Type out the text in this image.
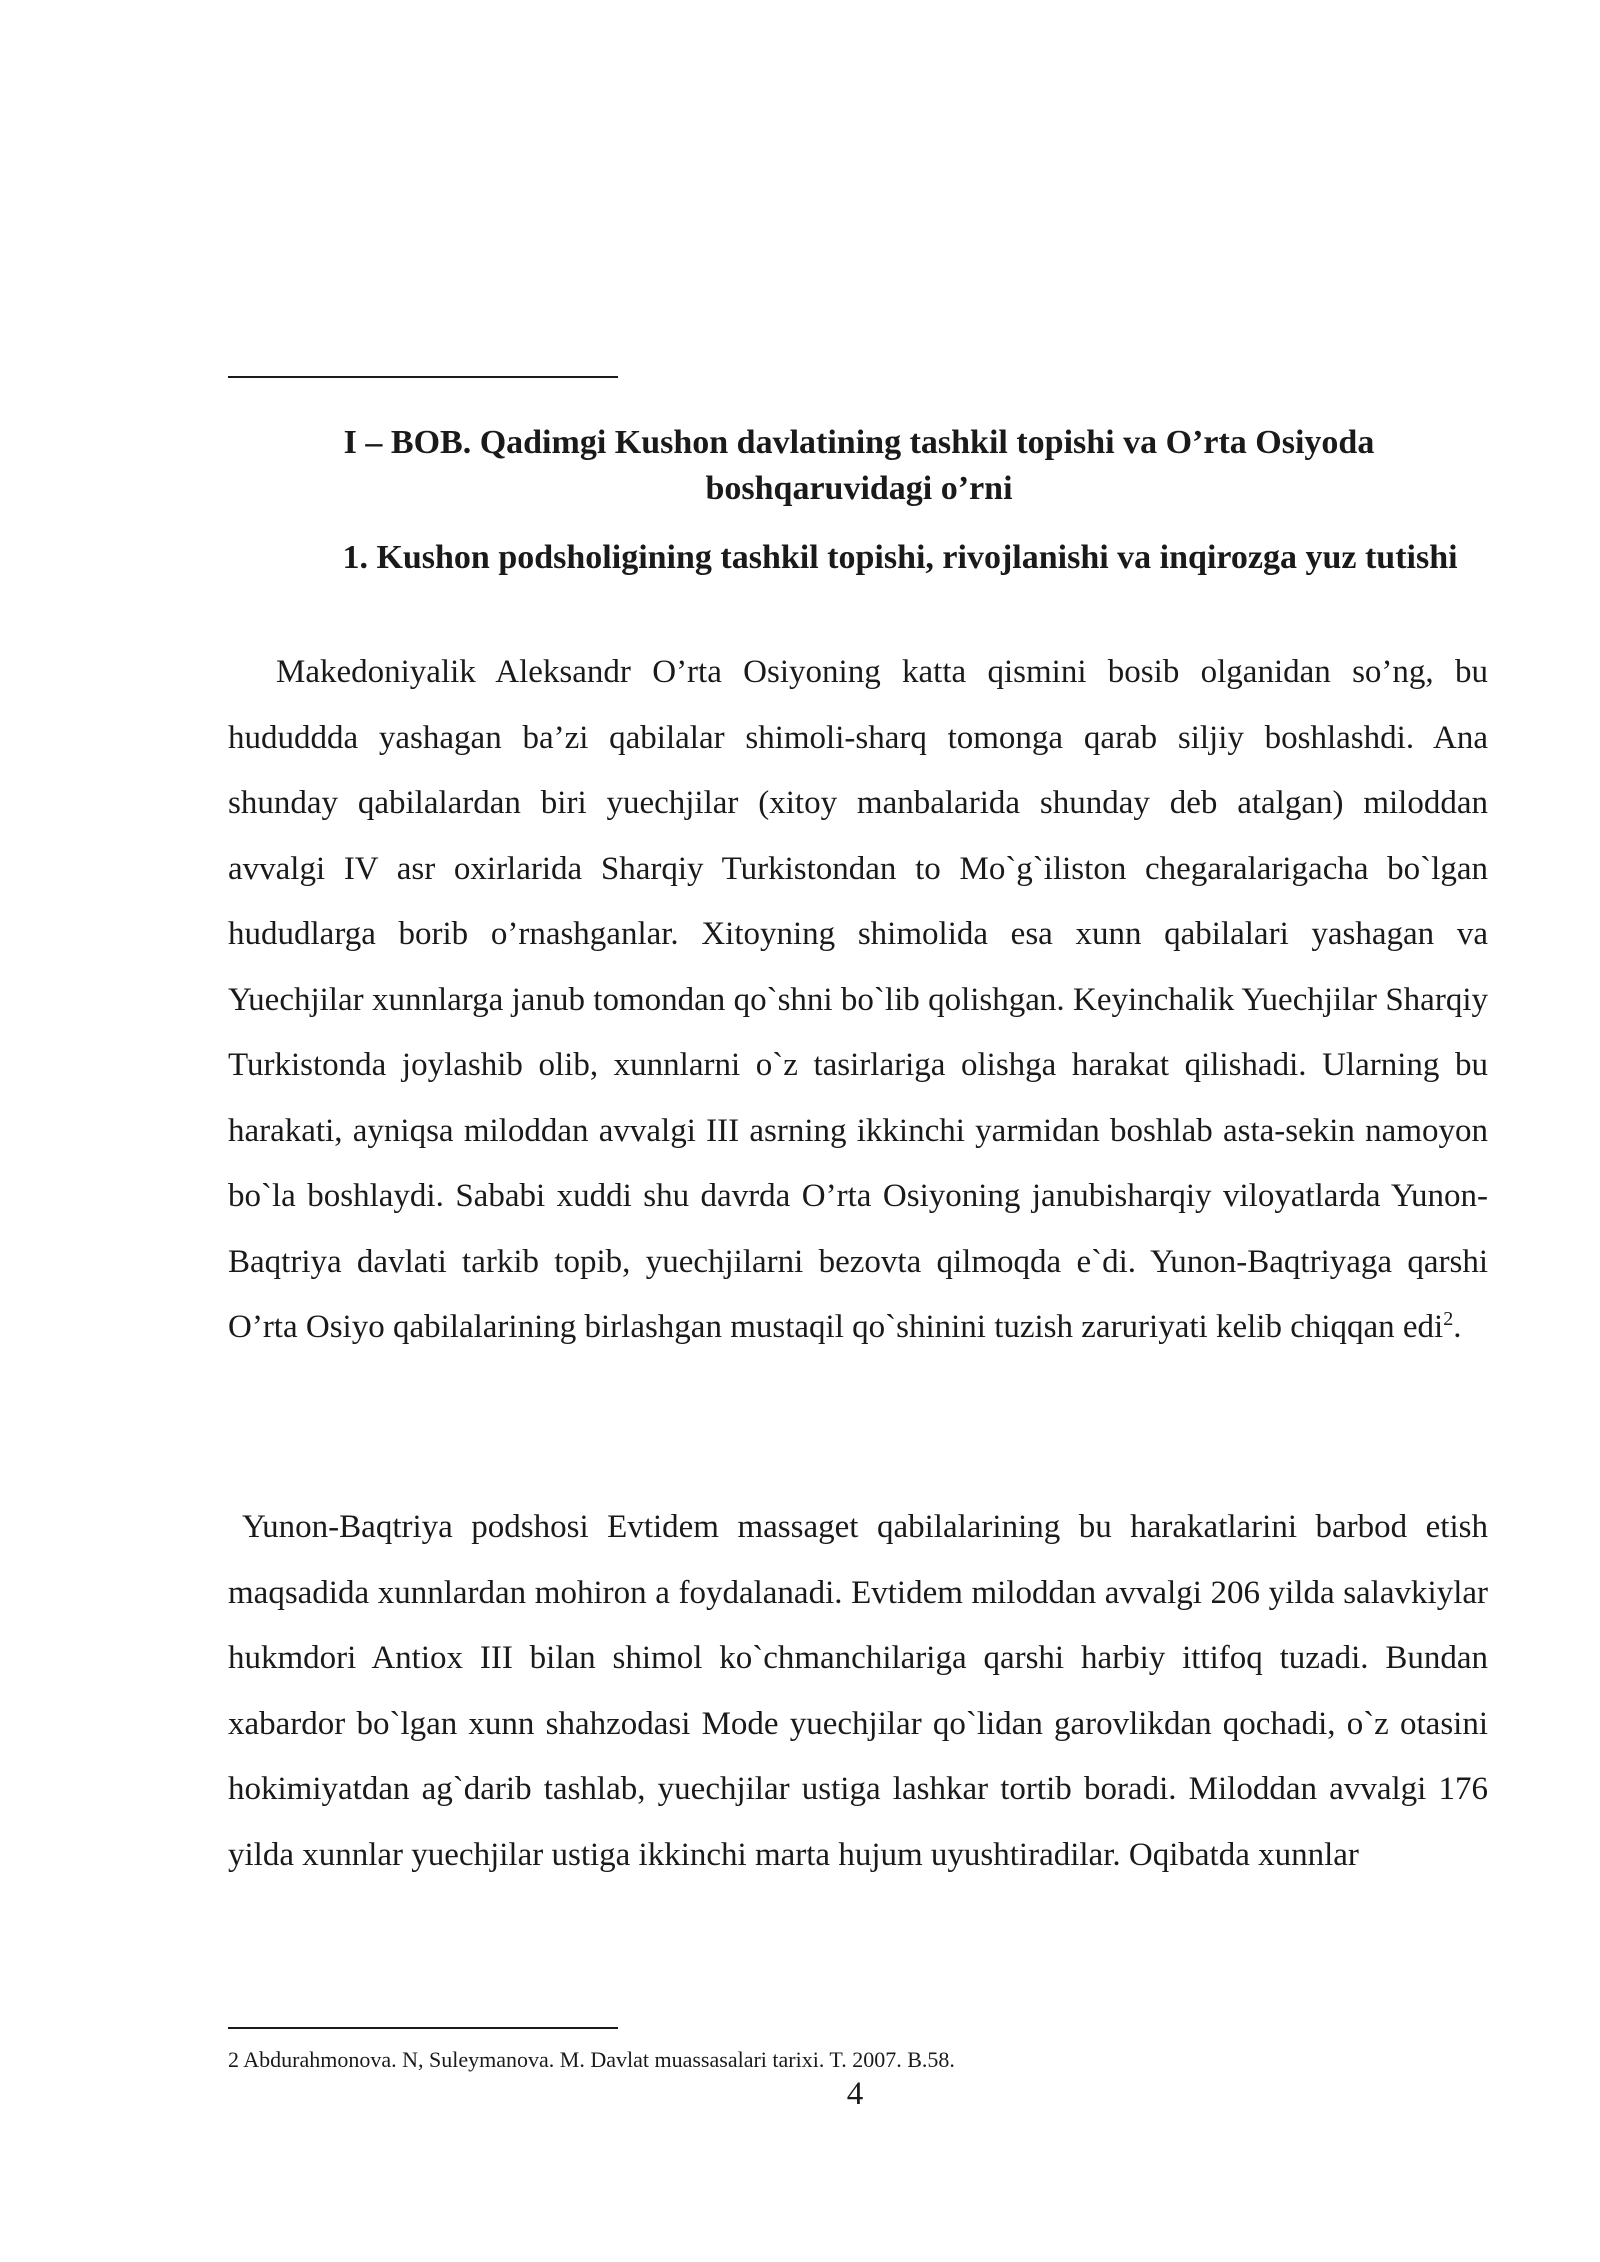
I – BOB. Qadimgi Kushon davlatining tashkil topishi va O’rta Osiyoda boshqaruvidagi o’rni
1. Kushon podsholigining tashkil topishi, rivojlanishi va inqirozga yuz tutishi

Makedoniyalik Aleksandr O’rta Osiyoning katta qismini bosib olganidan so’ng, bu hududdda yashagan ba’zi qabilalar shimoli-sharq tomonga qarab siljiy boshlashdi. Ana shunday qabilalardan biri yuechjilar (xitoy manbalarida shunday deb atalgan) miloddan avvalgi IV asr oxirlarida Sharqiy Turkistondan to Mo`g`iliston chegaralarigacha bo`lgan hududlarga borib o’rnashganlar. Xitoyning shimolida esa xunn qabilalari yashagan va Yuechjilar xunnlarga janub tomondan qo`shni bo`lib qolishgan. Keyinchalik Yuechjilar Sharqiy Turkistonda joylashib olib, xunnlarni o`z tasirlariga olishga harakat qilishadi. Ularning bu harakati, ayniqsa miloddan avvalgi III asrning ikkinchi yarmidan boshlab asta-sekin namoyon bo`la boshlaydi. Sababi xuddi shu davrda O’rta Osiyoning janubisharqiy viloyatlarda Yunon-Baqtriya davlati tarkib topib, yuechjilarni bezovta qilmoqda e`di. Yunon-Baqtriyaga qarshi O’rta Osiyo qabilalarining birlashgan mustaqil qo`shinini tuzish zaruriyati kelib chiqqan edi$^2$.

Yunon-Baqtriya podshosi Evtidem massaget qabilalarining bu harakatlarini barbod etish maqsadida xunnlardan mohiron a foydalanadi. Evtidem miloddan avvalgi 206 yilda salavkiylar hukmdori Antiox III bilan shimol ko`chmanchilariga qarshi harbiy ittifoq tuzadi. Bundan xabardor bo`lgan xunn shahzodasi Mode yuechjilar qo`lidan garovlikdan qochadi, o`z otasini hokimiyatdan ag`darib tashlab, yuechjilar ustiga lashkar tortib boradi. Miloddan avvalgi 176 yilda xunnlar yuechjilar ustiga ikkinchi marta hujum uyushtiradilar. Oqibatda xunnlar

2 Abdurahmonova. N, Suleymanova. M. Davlat muassasalari tarixi. T. 2007. B.58.

4
